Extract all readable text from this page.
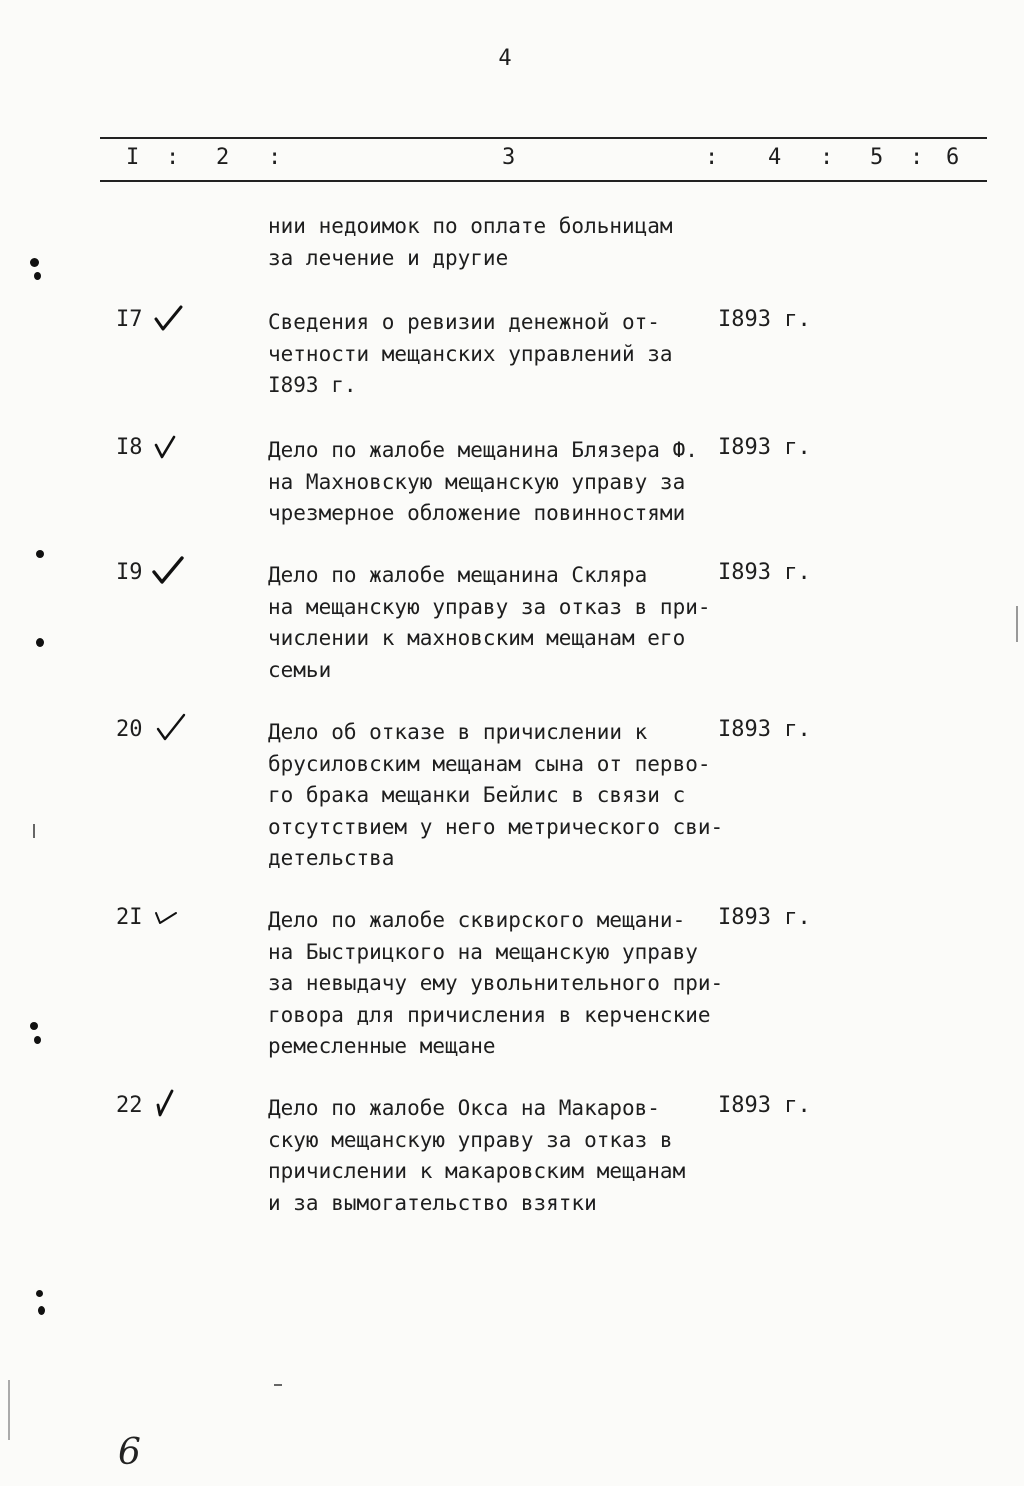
4
I : 2 :	3	: 4 : 5 : 6
нии недоимок по оплате больницам
за лечение и другие
I7	Сведения о ревизии денежной от-
четности мещанских управлений за
I893 г.
I893 г.
I8	Дело по жалобе мещанина Блязера Ф.
на Махновскую мещанскую управу за
чрезмерное обложение повинностями
I893 г.
I9	Дело по жалобе мещанина Скляра
на мещанскую управу за отказ в при-
числении к махновским мещанам его
семьи
I893 г.
20	Дело об отказе в причислении к
брусиловским мещанам сына от перво-
го брака мещанки Бейлис в связи с
отсутствием у него метрического сви-
детельства
I893 г.
2I	Дело по жалобе сквирского мещани-
на Быстрицкого на мещанскую управу
за невыдачу ему увольнительного при-
говора для причисления в керченские
ремесленные мещане
I893 г.
22	Дело по жалобе Окса на Макаров-
скую мещанскую управу за отказ в
причислении к макаровским мещанам
и за вымогательство взятки
I893 г.
6
